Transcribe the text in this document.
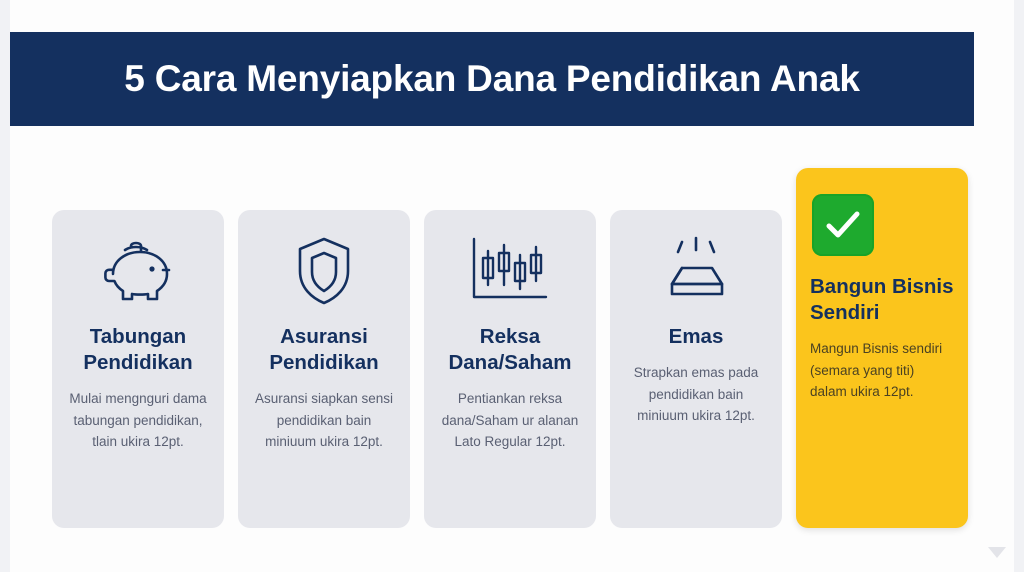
5 Cara Menyiapkan Dana Pendidikan Anak
Tabungan Pendidikan
Mulai mengnguri dama tabungan pendidikan, tlain ukira 12pt.
Asuransi Pendidikan
Asuransi siapkan sensi pendidikan bain miniuum ukira 12pt.
Reksa Dana/Saham
Pentiankan reksa dana/Saham ur alanan Lato Regular 12pt.
Emas
Strapkan emas pada pendidikan bain miniuum ukira 12pt.
Bangun Bisnis Sendiri
Mangun Bisnis sendiri (semara yang titi) dalam ukira 12pt.
